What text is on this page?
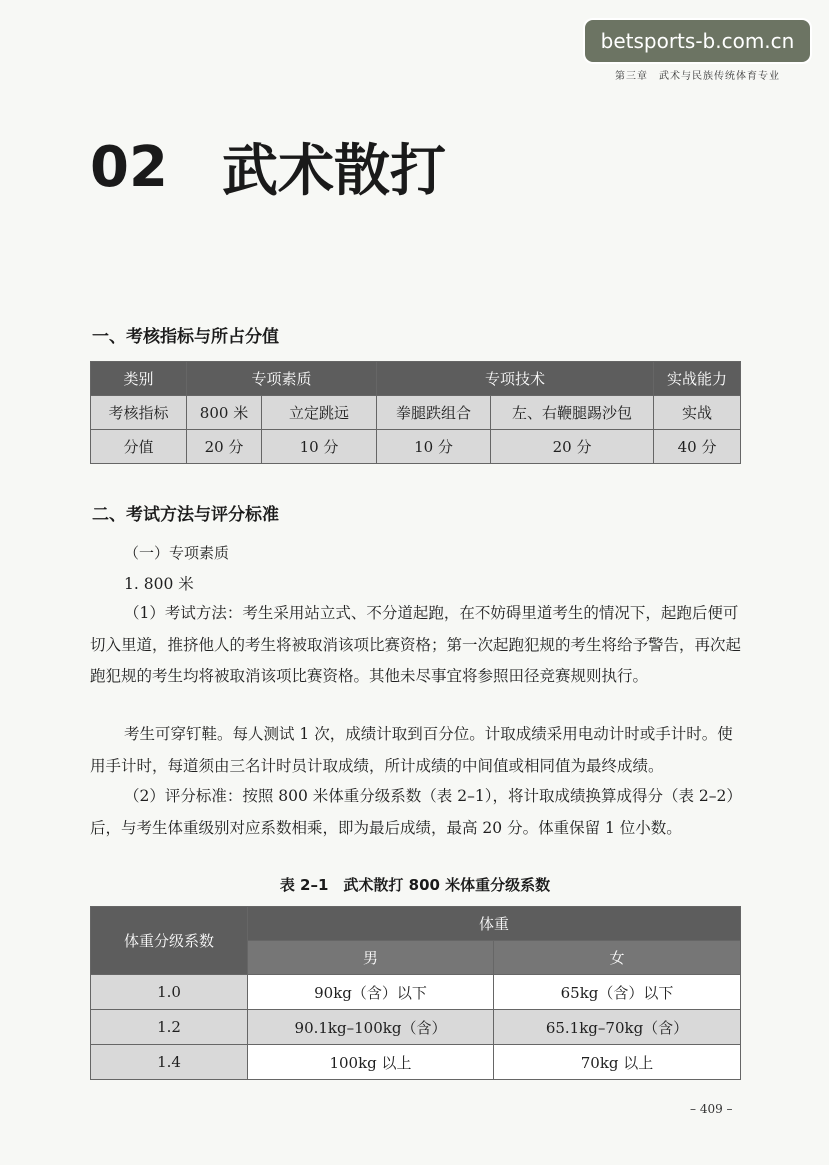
betsports-b.com.cn
第三章　武术与民族传统体育专业
02 武术散打
一、考核指标与所占分值
类别	专项素质		专项技术		实战能力
考核指标	800 米	立定跳远	拳腿跌组合	左、右鞭腿踢沙包	实战
分值	20 分	10 分	10 分	20 分	40 分
二、考试方法与评分标准
（一）专项素质
1. 800 米
（1）考试方法：考生采用站立式、不分道起跑，在不妨碍里道考生的情况下，起跑后便可切入里道，推挤他人的考生将被取消该项比赛资格；第一次起跑犯规的考生将给予警告，再次起跑犯规的考生均将被取消该项比赛资格。其他未尽事宜将参照田径竞赛规则执行。
考生可穿钉鞋。每人测试 1 次，成绩计取到百分位。计取成绩采用电动计时或手计时。使用手计时，每道须由三名计时员计取成绩，所计成绩的中间值或相同值为最终成绩。
（2）评分标准：按照 800 米体重分级系数（表 2–1），将计取成绩换算成得分（表 2–2）后，与考生体重级别对应系数相乘，即为最后成绩，最高 20 分。体重保留 1 位小数。
表 2–1　武术散打 800 米体重分级系数
体重分级系数	体重	
	男	女
1.0	90kg（含）以下	65kg（含）以下
1.2	90.1kg–100kg（含）	65.1kg–70kg（含）
1.4	100kg 以上	70kg 以上
– 409 –
